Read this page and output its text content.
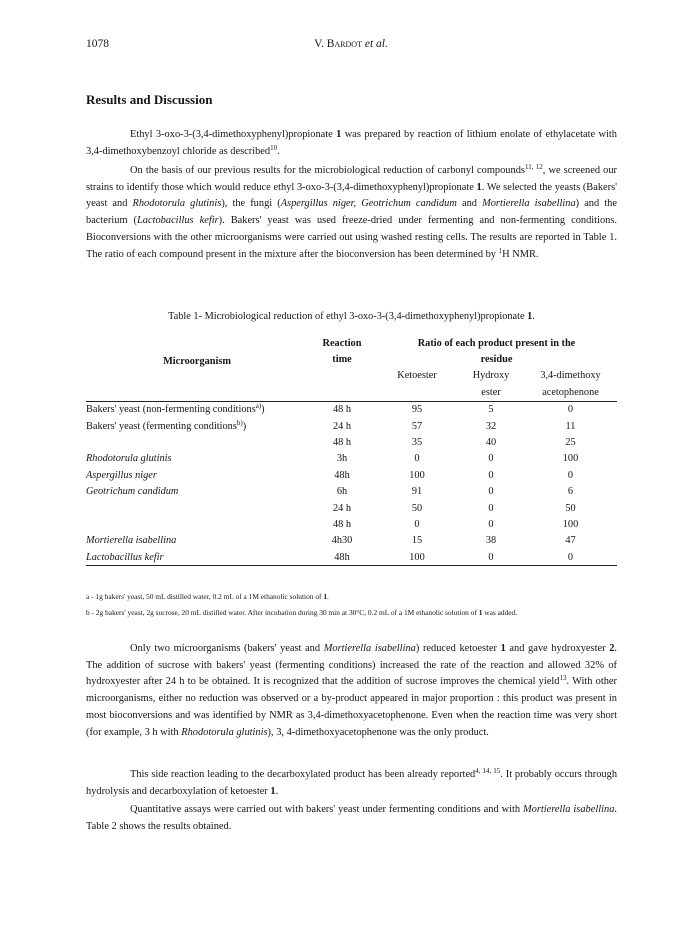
1078	V. Bardot et al.
Results and Discussion

Ethyl 3-oxo-3-(3,4-dimethoxyphenyl)propionate 1 was prepared by reaction of lithium enolate of ethylacetate with 3,4-dimethoxybenzoyl chloride as described$^{10}$.

On the basis of our previous results for the microbiological reduction of carbonyl compounds$^{11, 12}$, we screened our strains to identify those which would reduce ethyl 3-oxo-3-(3,4-dimethoxyphenyl)propionate 1. We selected the yeasts (Bakers' yeast and Rhodotorula glutinis), the fungi (Aspergillus niger, Geotrichum candidum and Mortierella isabellina) and the bacterium (Lactobacillus kefir). Bakers' yeast was used freeze-dried under fermenting and non-fermenting conditions. Bioconversions with the other microorganisms were carried out using washed resting cells. The results are reported in Table 1. The ratio of each compound present in the mixture after the bioconversion has been determined by $^1$H NMR.

Table 1- Microbiological reduction of ethyl 3-oxo-3-(3,4-dimethoxyphenyl)propionate 1.

Microorganism	Reaction	Ratio of each product present in the		
	time	residue		
		Ketoester	Hydroxy	3,4-dimethoxy
			ester	acetophenone
Bakers' yeast (non-fermenting conditions$^{a)}$)	48 h	95	5	0
Bakers' yeast (fermenting conditions$^{b)}$)	24 h	57	32	11
	48 h	35	40	25
Rhodotorula glutinis	3h	0	0	100
Aspergillus niger	48h	100	0	0
Geotrichum candidum	6h	91	0	6
	24 h	50	0	50
	48 h	0	0	100
Mortierella isabellina	4h30	15	38	47
Lactobacillus kefir	48h	100	0	0

a - 1g bakers' yeast, 50 mL distilled water, 0.2 mL of a 1M ethanolic solution of 1.

b - 2g bakers' yeast, 2g sucrose, 20 mL distilled water. After incubation during 30 min at 30°C, 0.2 mL of a 1M ethanolic solution of 1 was added.

Only two microorganisms (bakers' yeast and Mortierella isabellina) reduced ketoester 1 and gave hydroxyester 2. The addition of sucrose with bakers' yeast (fermenting conditions) increased the rate of the reaction and allowed 32% of hydroxyester after 24 h to be obtained. It is recognized that the addition of sucrose improves the chemical yield$^{13}$. With other microorganisms, either no reduction was observed or a by-product appeared in major proportion : this product was present in most bioconversions and was identified by NMR as 3,4-dimethoxyacetophenone. Even when the reaction time was very short (for example, 3 h with Rhodotorula glutinis), 3, 4-dimethoxyacetophenone was the only product.

This side reaction leading to the decarboxylated product has been already reported$^{4, 14, 15}$. It probably occurs through hydrolysis and decarboxylation of ketoester 1.

Quantitative assays were carried out with bakers' yeast under fermenting conditions and with Mortierella isabellina. Table 2 shows the results obtained.
